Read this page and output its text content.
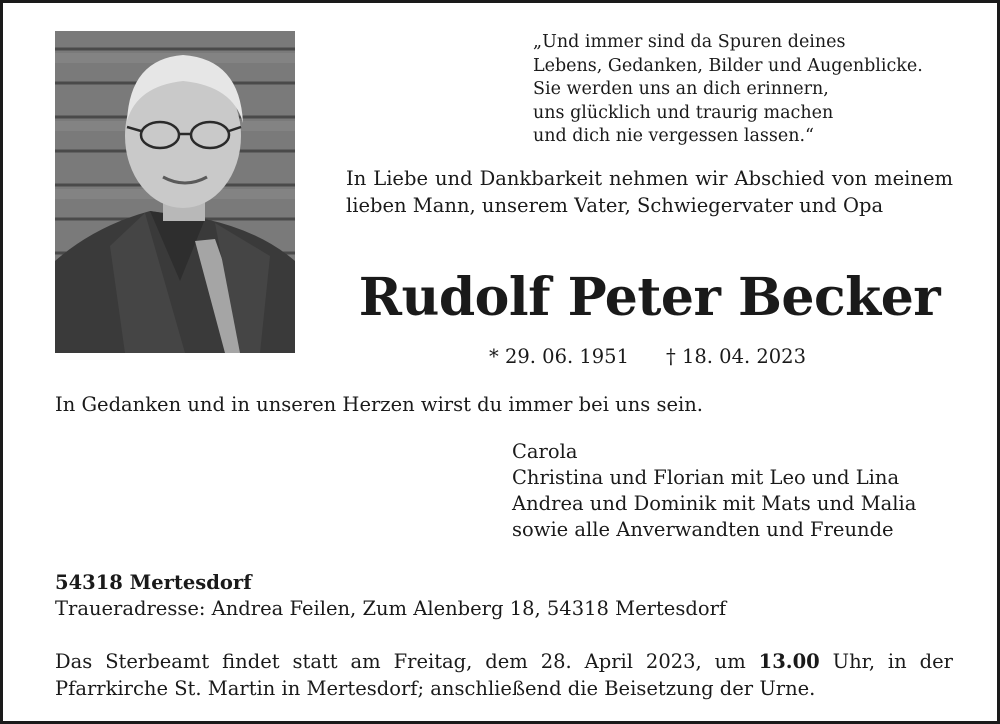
„Und immer sind da Spuren deines
Lebens, Gedanken, Bilder und Augenblicke.
Sie werden uns an dich erinnern,
uns glücklich und traurig machen
und dich nie vergessen lassen.“
In Liebe und Dankbarkeit nehmen wir Abschied von meinem lieben Mann, unserem Vater, Schwiegervater und Opa
Rudolf Peter Becker
* 29. 06. 1951 † 18. 04. 2023
In Gedanken und in unseren Herzen wirst du immer bei uns sein.
Carola
Christina und Florian mit Leo und Lina
Andrea und Dominik mit Mats und Malia
sowie alle Anverwandten und Freunde
54318 Mertesdorf
Traueradresse: Andrea Feilen, Zum Alenberg 18, 54318 Mertesdorf
Das Sterbeamt findet statt am Freitag, dem 28. April 2023, um 13.00 Uhr, in der Pfarrkirche St. Martin in Mertesdorf; anschließend die Beisetzung der Urne.
